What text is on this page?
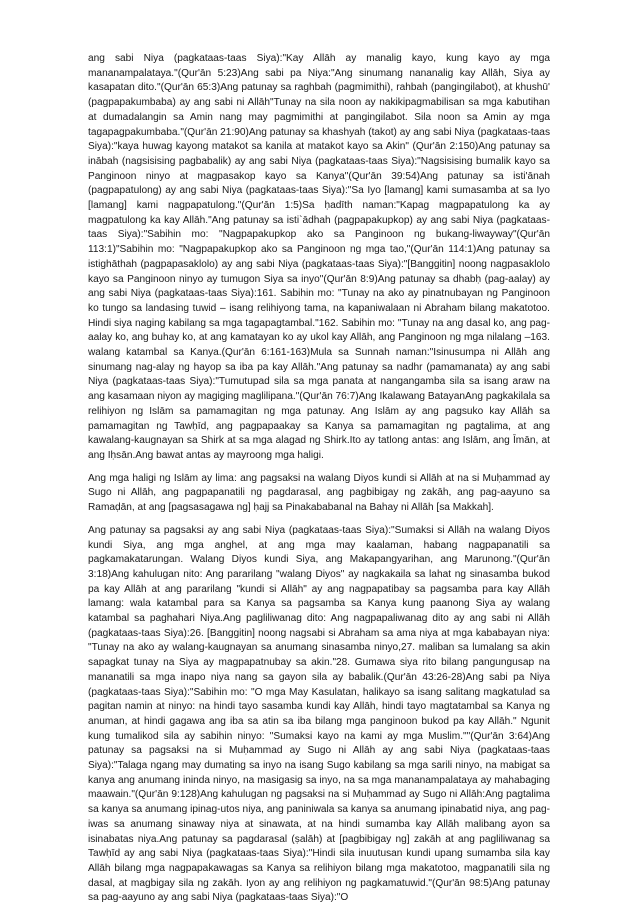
ang sabi Niya (pagkataas-taas Siya):"Kay Allāh ay manalig kayo, kung kayo ay mga mananampalataya."(Qur'ān 5:23)Ang sabi pa Niya:"Ang sinumang nananalig kay Allāh, Siya ay kasapatan dito."(Qur'ān 65:3)Ang patunay sa raghbah (pagmimithi), rahbah (pangingilabot), at khushū' (pagpapakumbaba) ay ang sabi ni Allāh"Tunay na sila noon ay nakikipagmabilisan sa mga kabutihan at dumadalangin sa Amin nang may pagmimithi at pangingilabot. Sila noon sa Amin ay mga tagapagpakumbaba."(Qur'ān 21:90)Ang patunay sa khashyah (takot) ay ang sabi Niya (pagkataas-taas Siya):"kaya huwag kayong matakot sa kanila at matakot kayo sa Akin" (Qur'ān 2:150)Ang patunay sa inābah (nagsisising pagbabalik) ay ang sabi Niya (pagkataas-taas Siya):"Nagsisising bumalik kayo sa Panginoon ninyo at magpasakop kayo sa Kanya"(Qur'ān 39:54)Ang patunay sa isti'ānah (pagpapatulong) ay ang sabi Niya (pagkataas-taas Siya):"Sa Iyo [lamang] kami sumasamba at sa Iyo [lamang] kami nagpapatulong."(Qur'ān 1:5)Sa ḥadīth naman:"Kapag magpapatulong ka ay magpatulong ka kay Allāh."Ang patunay sa isti`ādhah (pagpapakupkop) ay ang sabi Niya (pagkataas-taas Siya):"Sabihin mo: "Nagpapakupkop ako sa Panginoon ng bukang-liwayway"(Qur'ān 113:1)"Sabihin mo: "Nagpapakupkop ako sa Panginoon ng mga tao,"(Qur'ān 114:1)Ang patunay sa istighāthah (pagpapasaklolo) ay ang sabi Niya (pagkataas-taas Siya):"[Banggitin] noong nagpasaklolo kayo sa Panginoon ninyo ay tumugon Siya sa inyo"(Qur'ān 8:9)Ang patunay sa dhabḥ (pag-aalay) ay ang sabi Niya (pagkataas-taas Siya):161. Sabihin mo: "Tunay na ako ay pinatnubayan ng Panginoon ko tungo sa landasing tuwid – isang relihiyong tama, na kapaniwalaan ni Abraham bilang makatotoo. Hindi siya naging kabilang sa mga tagapagtambal."162. Sabihin mo: "Tunay na ang dasal ko, ang pag-aalay ko, ang buhay ko, at ang kamatayan ko ay ukol kay Allāh, ang Panginoon ng mga nilalang –163. walang katambal sa Kanya.(Qur'ān 6:161-163)Mula sa Sunnah naman:"Isinusumpa ni Allāh ang sinumang nag-alay ng hayop sa iba pa kay Allāh."Ang patunay sa nadhr (pamamanata) ay ang sabi Niya (pagkataas-taas Siya):"Tumutupad sila sa mga panata at nangangamba sila sa isang araw na ang kasamaan niyon ay magiging maglilipana."(Qur'ān 76:7)Ang Ikalawang BatayanAng pagkakilala sa relihiyon ng Islām sa pamamagitan ng mga patunay. Ang Islām ay ang pagsuko kay Allāh sa pamamagitan ng Tawḥīd, ang pagpapaakay sa Kanya sa pamamagitan ng pagtalima, at ang kawalang-kaugnayan sa Shirk at sa mga alagad ng Shirk.Ito ay tatlong antas: ang Islām, ang Īmān, at ang Iḥsān.Ang bawat antas ay mayroong mga haligi.

Ang mga haligi ng Islām ay lima: ang pagsaksi na walang Diyos kundi si Allāh at na si Muḥammad ay Sugo ni Allāh, ang pagpapanatili ng pagdarasal, ang pagbibigay ng zakāh, ang pag-aayuno sa Ramaḍān, at ang [pagsasagawa ng] ḥajj sa Pinakababanal na Bahay ni Allāh [sa Makkah].

Ang patunay sa pagsaksi ay ang sabi Niya (pagkataas-taas Siya):"Sumaksi si Allāh na walang Diyos kundi Siya, ang mga anghel, at ang mga may kaalaman, habang nagpapanatili sa pagkamakatarungan. Walang Diyos kundi Siya, ang Makapangyarihan, ang Marunong."(Qur'ān 3:18)Ang kahulugan nito: Ang pararilang "walang Diyos" ay nagkakaila sa lahat ng sinasamba bukod pa kay Allāh at ang pararilang "kundi si Allāh" ay ang nagpapatibay sa pagsamba para kay Allāh lamang: wala katambal para sa Kanya sa pagsamba sa Kanya kung paanong Siya ay walang katambal sa paghahari Niya.Ang pagliliwanag dito: Ang nagpapaliwanag dito ay ang sabi ni Allāh (pagkataas-taas Siya):26. [Banggitin] noong nagsabi si Abraham sa ama niya at mga kababayan niya: "Tunay na ako ay walang-kaugnayan sa anumang sinasamba ninyo,27. maliban sa lumalang sa akin sapagkat tunay na Siya ay magpapatnubay sa akin."28. Gumawa siya rito bilang pangungusap na mananatili sa mga inapo niya nang sa gayon sila ay babalik.(Qur'ān 43:26-28)Ang sabi pa Niya (pagkataas-taas Siya):"Sabihin mo: "O mga May Kasulatan, halikayo sa isang salitang magkatulad sa pagitan namin at ninyo: na hindi tayo sasamba kundi kay Allāh, hindi tayo magtatambal sa Kanya ng anuman, at hindi gagawa ang iba sa atin sa iba bilang mga panginoon bukod pa kay Allāh." Ngunit kung tumalikod sila ay sabihin ninyo: "Sumaksi kayo na kami ay mga Muslim.""(Qur'ān 3:64)Ang patunay sa pagsaksi na si Muḥammad ay Sugo ni Allāh ay ang sabi Niya (pagkataas-taas Siya):"Talaga ngang may dumating sa inyo na isang Sugo kabilang sa mga sarili ninyo, na mabigat sa kanya ang anumang ininda ninyo, na masigasig sa inyo, na sa mga mananampalataya ay mahabaging maawain."(Qur'ān 9:128)Ang kahulugan ng pagsaksi na si Muḥammad ay Sugo ni Allāh:Ang pagtalima sa kanya sa anumang ipinag-utos niya, ang paniniwala sa kanya sa anumang ipinabatid niya, ang pag-iwas sa anumang sinaway niya at sinawata, at na hindi sumamba kay Allāh malibang ayon sa isinabatas niya.Ang patunay sa pagdarasal (ṣalāh) at [pagbibigay ng] zakāh at ang pagliliwanag sa Tawḥīd ay ang sabi Niya (pagkataas-taas Siya):"Hindi sila inuutusan kundi upang sumamba sila kay Allāh bilang mga nagpapakawagas sa Kanya sa relihiyon bilang mga makatotoo, magpanatili sila ng dasal, at magbigay sila ng zakāh. Iyon ay ang relihiyon ng pagkamatuwid."(Qur'ān 98:5)Ang patunay sa pag-aayuno ay ang sabi Niya (pagkataas-taas Siya):"O
